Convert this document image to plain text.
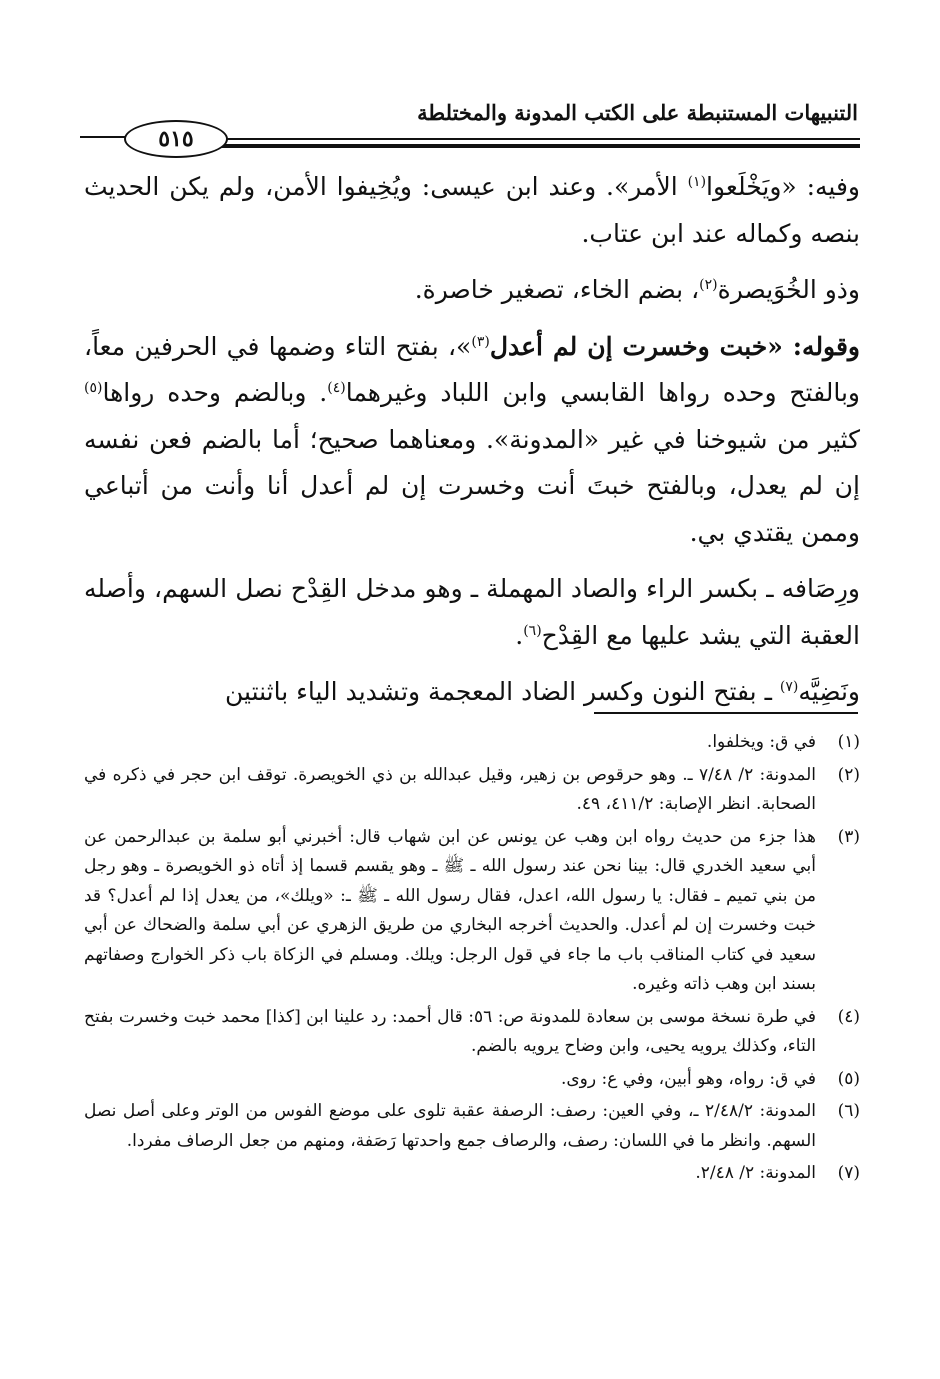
التنبيهات المستنبطة على الكتب المدونة والمختلطة
٥١٥

وفيه: «ويَخْلَعوا$^{(١)}$ الأمر». وعند ابن عيسى: ويُخِيفوا الأمن، ولم يكن الحديث بنصه وكماله عند ابن عتاب.

وذو الخُوَيصرة$^{(٢)}$، بضم الخاء، تصغير خاصرة.

وقوله: «خبت وخسرت إن لم أعدل$^{(٣)}$»، بفتح التاء وضمها في الحرفين معاً، وبالفتح وحده رواها القابسي وابن اللباد وغيرهما$^{(٤)}$. وبالضم وحده رواها$^{(٥)}$ كثير من شيوخنا في غير «المدونة». ومعناهما صحيح؛ أما بالضم فعن نفسه إن لم يعدل، وبالفتح خبتَ أنت وخسرت إن لم أعدل أنا وأنت من أتباعي وممن يقتدي بي.

ورِصَافه ـ بكسر الراء والصاد المهملة ـ وهو مدخل القِدْح نصل السهم، وأصله العقبة التي يشد عليها مع القِدْح$^{(٦)}$.

ونَضِيَّه$^{(٧)}$ ـ بفتح النون وكسر الضاد المعجمة وتشديد الياء باثنتين

(١)
في ق: ويخلفوا.

(٢)
المدونة: ٢/ ٧/٤٨ ـ. وهو حرقوص بن زهير، وقيل عبدالله بن ذي الخويصرة. توقف ابن حجر في ذكره في الصحابة. انظر الإصابة: ٤١١/٢، ٤٩.

(٣)
هذا جزء من حديث رواه ابن وهب عن يونس عن ابن شهاب قال: أخبرني أبو سلمة بن عبدالرحمن عن أبي سعيد الخدري قال: بينا نحن عند رسول الله ـ ﷺ ـ وهو يقسم قسما إذ أتاه ذو الخويصرة ـ وهو رجل من بني تميم ـ فقال: يا رسول الله، اعدل، فقال رسول الله ـ ﷺ ـ: «ويلك»، من يعدل إذا لم أعدل؟ قد خبت وخسرت إن لم أعدل. والحديث أخرجه البخاري من طريق الزهري عن أبي سلمة والضحاك عن أبي سعيد في كتاب المناقب باب ما جاء في قول الرجل: ويلك. ومسلم في الزكاة باب ذكر الخوارج وصفاتهم بسند ابن وهب ذاته وغيره.

(٤)
في طرة نسخة موسى بن سعادة للمدونة ص: ٥٦: قال أحمد: رد علينا ابن [كذا] محمد خبت وخسرت بفتح التاء، وكذلك يرويه يحيى، وابن وضاح يرويه بالضم.

(٥)
في ق: رواه، وهو أبين، وفي ع: روى.

(٦)
المدونة: ٢/٤٨/٢ ـ، وفي العين: رصف: الرصفة عقبة تلوى على موضع الفوس من الوتر وعلى أصل نصل السهم. وانظر ما في اللسان: رصف، والرصاف جمع واحدتها رَصَفة، ومنهم من جعل الرصاف مفردا.

(٧)
المدونة: ٢/ ٢/٤٨.
